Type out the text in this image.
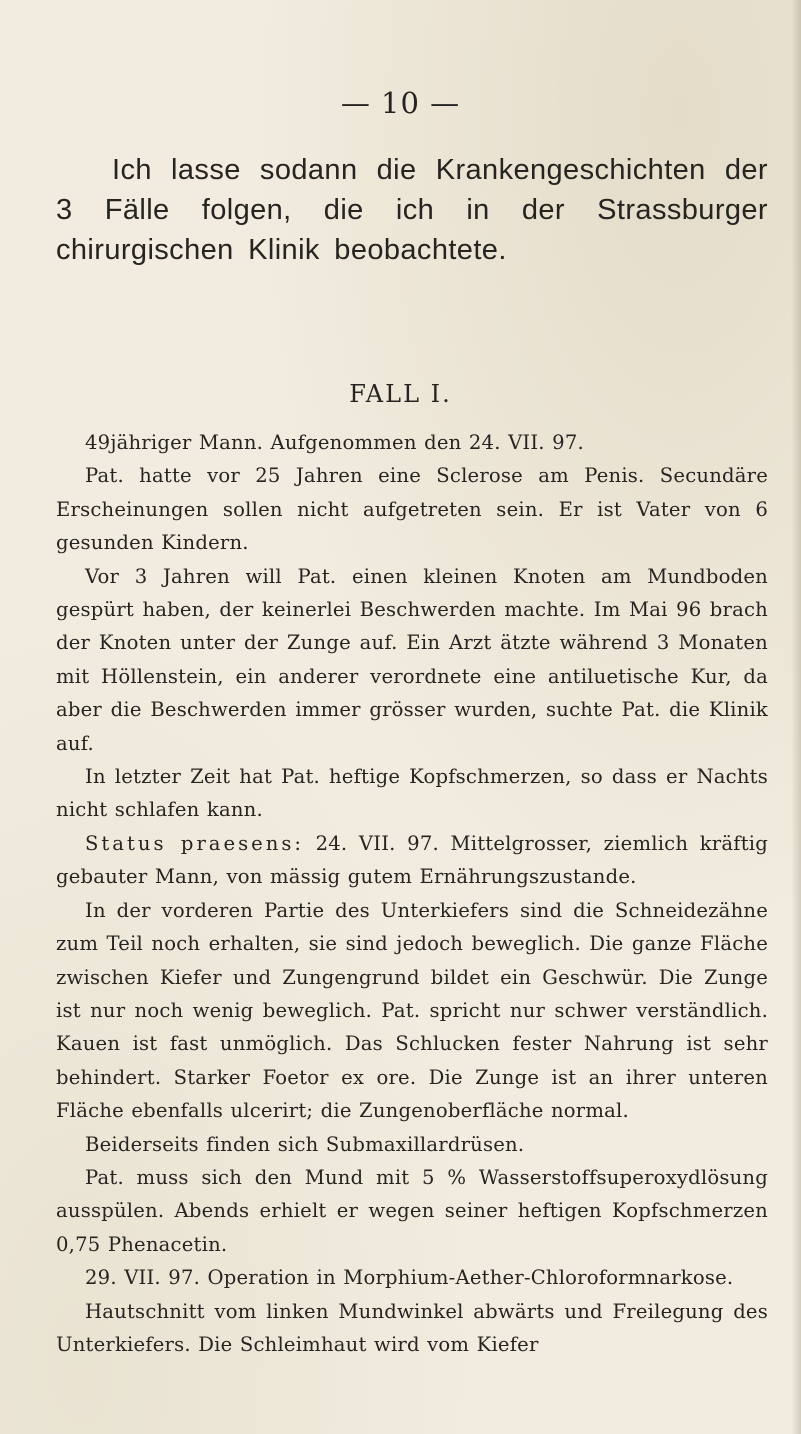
— 10 —

Ich lasse sodann die Krankengeschichten der 3 Fälle folgen, die ich in der Strassburger chirurgischen Klinik beobachtete.

FALL I.

49jähriger Mann. Aufgenommen den 24. VII. 97.

Pat. hatte vor 25 Jahren eine Sclerose am Penis. Secundäre Erscheinungen sollen nicht aufgetreten sein. Er ist Vater von 6 gesunden Kindern.

Vor 3 Jahren will Pat. einen kleinen Knoten am Mundboden gespürt haben, der keinerlei Beschwerden machte. Im Mai 96 brach der Knoten unter der Zunge auf. Ein Arzt ätzte während 3 Monaten mit Höllenstein, ein anderer verordnete eine antiluetische Kur, da aber die Beschwerden immer grösser wurden, suchte Pat. die Klinik auf.

In letzter Zeit hat Pat. heftige Kopfschmerzen, so dass er Nachts nicht schlafen kann.

Status praesens: 24. VII. 97. Mittelgrosser, ziemlich kräftig gebauter Mann, von mässig gutem Ernährungszustande.

In der vorderen Partie des Unterkiefers sind die Schneidezähne zum Teil noch erhalten, sie sind jedoch beweglich. Die ganze Fläche zwischen Kiefer und Zungengrund bildet ein Geschwür. Die Zunge ist nur noch wenig beweglich. Pat. spricht nur schwer verständlich. Kauen ist fast unmöglich. Das Schlucken fester Nahrung ist sehr behindert. Starker Foetor ex ore. Die Zunge ist an ihrer unteren Fläche ebenfalls ulcerirt; die Zungenoberfläche normal.

Beiderseits finden sich Submaxillardrüsen.

Pat. muss sich den Mund mit 5 % Wasserstoffsuperoxydlösung ausspülen. Abends erhielt er wegen seiner heftigen Kopfschmerzen 0,75 Phenacetin.

29. VII. 97. Operation in Morphium-Aether-Chloroformnarkose.

Hautschnitt vom linken Mundwinkel abwärts und Freilegung des Unterkiefers. Die Schleimhaut wird vom Kiefer
